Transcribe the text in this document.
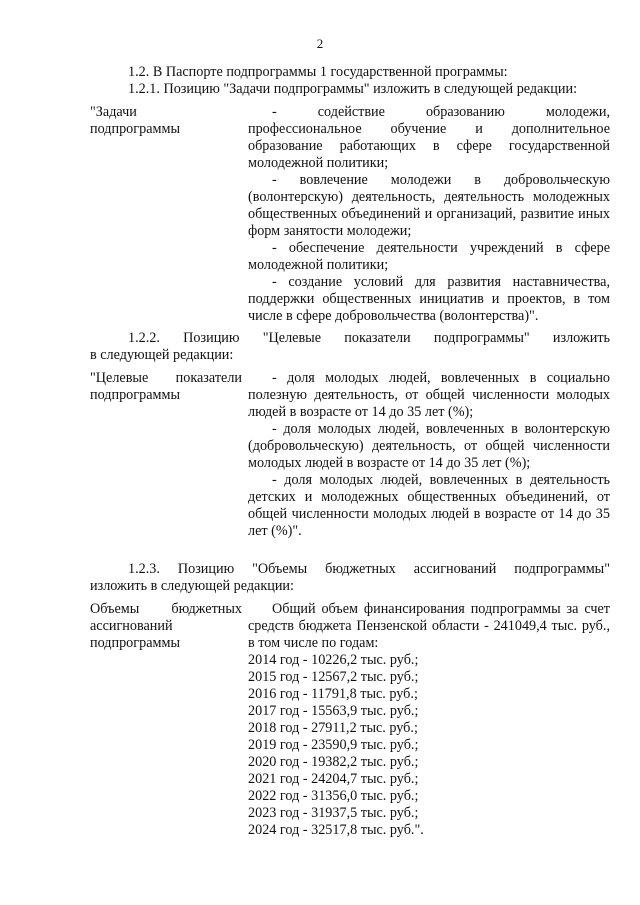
2
1.2. В Паспорте подпрограммы 1 государственной программы:
1.2.1. Позицию "Задачи подпрограммы" изложить в следующей редакции:

"Задачи

подпрограммы

- содействие образованию молодежи, профессиональное обучение и дополнительное образование работающих в сфере государственной молодежной политики;

- вовлечение молодежи в добровольческую (волонтерскую) деятельность, деятельность молодежных общественных объединений и организаций, развитие иных форм занятости молодежи;

- обеспечение деятельности учреждений в сфере молодежной политики;

- создание условий для развития наставничества, поддержки общественных инициатив и проектов, в том числе в сфере добровольчества (волонтерства)".

1.2.2. Позицию "Целевые показатели подпрограммы" изложить
в следующей редакции:

"Целевые показатели

подпрограммы

- доля молодых людей, вовлеченных в социально полезную деятельность, от общей численности молодых людей в возрасте от 14 до 35 лет (%);

- доля молодых людей, вовлеченных в волонтерскую (добровольческую) деятельность, от общей численности молодых людей в возрасте от 14 до 35 лет (%);

- доля молодых людей, вовлеченных в деятельность детских и молодежных общественных объединений, от общей численности молодых людей в возрасте от 14 до 35 лет (%)".

1.2.3. Позицию "Объемы бюджетных ассигнований подпрограммы"
изложить в следующей редакции:

Объемы бюджетных

ассигнований

подпрограммы

Общий объем финансирования подпрограммы за счет средств бюджета Пензенской области - 241049,4 тыс. руб., в том числе по годам:

2014 год - 10226,2 тыс. руб.;

2015 год - 12567,2 тыс. руб.;

2016 год - 11791,8 тыс. руб.;

2017 год - 15563,9 тыс. руб.;

2018 год - 27911,2 тыс. руб.;

2019 год - 23590,9 тыс. руб.;

2020 год - 19382,2 тыс. руб.;

2021 год - 24204,7 тыс. руб.;

2022 год - 31356,0 тыс. руб.;

2023 год - 31937,5 тыс. руб.;

2024 год - 32517,8 тыс. руб.".
